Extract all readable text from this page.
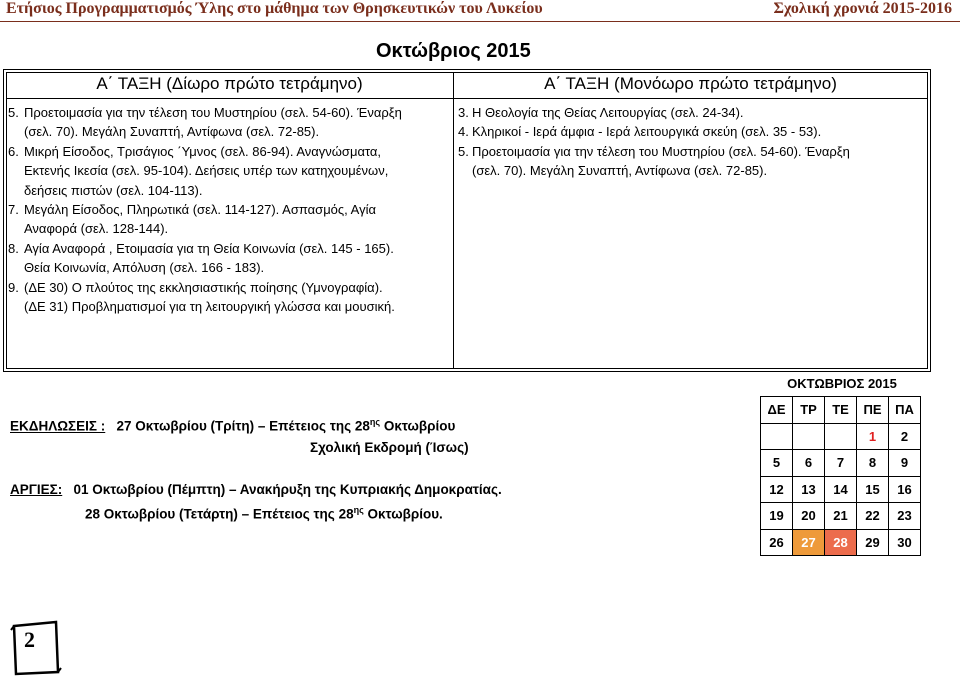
Ετήσιος Προγραμματισμός Ύλης στο μάθημα των Θρησκευτικών του Λυκείου	Σχολική χρονιά 2015-2016
Οκτώβριος 2015
Α΄ ΤΑΞΗ (Δίωρο πρώτο τετράμηνο)	Α΄ ΤΑΞΗ (Μονόωρο πρώτο τετράμηνο)
5. Προετοιμασία για την τέλεση του Μυστηρίου (σελ. 54-60). Έναρξη
(σελ. 70). Μεγάλη Συναπτή, Αντίφωνα (σελ. 72-85).
6. Μικρή Είσοδος, Τρισάγιος ΄Υμνος (σελ. 86-94). Αναγνώσματα,
Εκτενής Ικεσία (σελ. 95-104). Δεήσεις υπέρ των κατηχουμένων,
δεήσεις πιστών (σελ. 104-113).
7. Μεγάλη Είσοδος, Πληρωτικά (σελ. 114-127). Ασπασμός, Αγία
Αναφορά (σελ. 128-144).
8. Αγία Αναφορά , Ετοιμασία για τη Θεία Κοινωνία (σελ. 145 - 165).
Θεία Κοινωνία, Απόλυση (σελ. 166 - 183).
9. (ΔΕ 30) Ο πλούτος της εκκλησιαστικής ποίησης (Υμνογραφία).
(ΔΕ 31) Προβληματισμοί για τη λειτουργική γλώσσα και μουσική.
3. Η Θεολογία της Θείας Λειτουργίας (σελ. 24-34).
4. Κληρικοί - Ιερά άμφια - Ιερά λειτουργικά σκεύη (σελ. 35 - 53).
5. Προετοιμασία για την τέλεση του Μυστηρίου (σελ. 54-60). Έναρξη
(σελ. 70). Μεγάλη Συναπτή, Αντίφωνα (σελ. 72-85).
ΕΚΔΗΛΩΣΕΙΣ : 27 Οκτωβρίου (Τρίτη) – Επέτειος της $28^{\eta\varsigma}$ Οκτωβρίου
Σχολική Εκδρομή (Ίσως)
ΑΡΓΙΕΣ: 01 Οκτωβρίου (Πέμπτη) – Ανακήρυξη της Κυπριακής Δημοκρατίας.
28 Οκτωβρίου (Τετάρτη) – Επέτειος της $28^{\eta\varsigma}$ Οκτωβρίου.
ΟΚΤΩΒΡΙΟΣ 2015
ΔΕ	ΤΡ	ΤΕ	ΠΕ	ΠΑ
			1	2
5	6	7	8	9
12	13	14	15	16
19	20	21	22	23
26	27	28	29	30
2
